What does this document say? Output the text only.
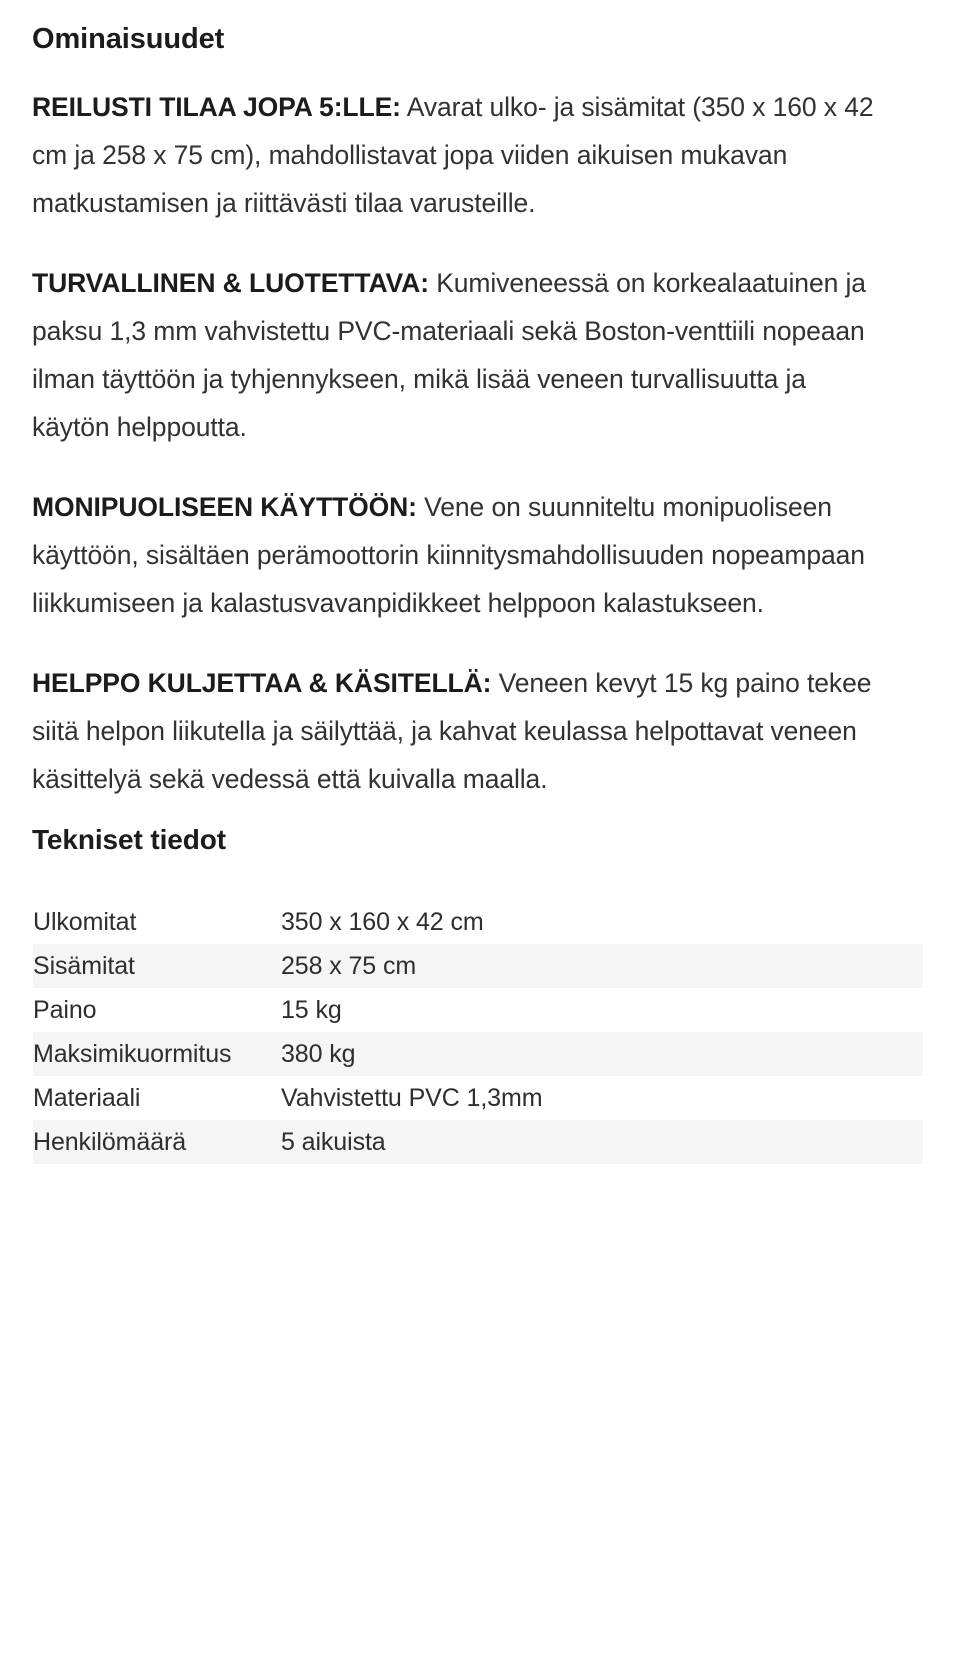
Ominaisuudet

REILUSTI TILAA JOPA 5:LLE: Avarat ulko- ja sisämitat (350 x 160 x 42 cm ja 258 x 75 cm), mahdollistavat jopa viiden aikuisen mukavan matkustamisen ja riittävästi tilaa varusteille.

TURVALLINEN & LUOTETTAVA: Kumiveneessä on korkealaatuinen ja paksu 1,3 mm vahvistettu PVC-materiaali sekä Boston-venttiili nopeaan ilman täyttöön ja tyhjennykseen, mikä lisää veneen turvallisuutta ja käytön helppoutta.

MONIPUOLISEEN KÄYTTÖÖN: Vene on suunniteltu monipuoliseen käyttöön, sisältäen perämoottorin kiinnitysmahdollisuuden nopeampaan liikkumiseen ja kalastusvavanpidikkeet helppoon kalastukseen.

HELPPO KULJETTAA & KÄSITELLÄ: Veneen kevyt 15 kg paino tekee siitä helpon liikutella ja säilyttää, ja kahvat keulassa helpottavat veneen käsittelyä sekä vedessä että kuivalla maalla.

Tekniset tiedot
Ulkomitat	350 x 160 x 42 cm
Sisämitat	258 x 75 cm
Paino	15 kg
Maksimikuormitus	380 kg
Materiaali	Vahvistettu PVC 1,3mm
Henkilömäärä	5 aikuista
